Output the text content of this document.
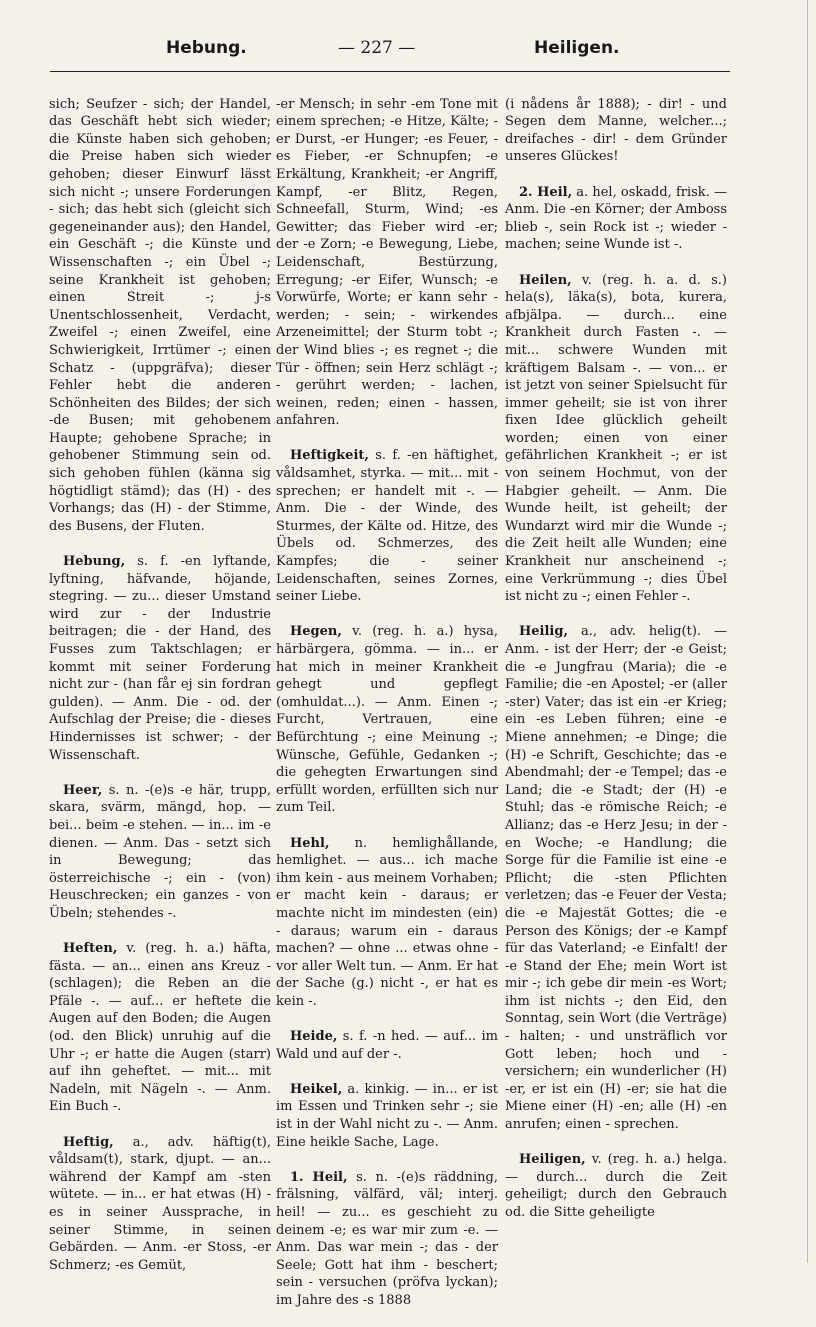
Hebung.	— 227 —	Heiligen.

sich; Seufzer - sich; der Handel, das Geschäft hebt sich wieder; die Künste haben sich gehoben; die Preise haben sich wieder gehoben; dieser Einwurf lässt sich nicht -; unsere Forderungen - sich; das hebt sich (gleicht sich gegeneinander aus); den Handel, ein Geschäft -; die Künste und Wissenschaften -; ein Übel -; seine Krankheit ist gehoben; einen Streit -; j-s Unentschlossenheit, Verdacht, Zweifel -; einen Zweifel, eine Schwierigkeit, Irrtümer -; einen Schatz - (uppgräfva); dieser Fehler hebt die anderen Schönheiten des Bildes; der sich -de Busen; mit gehobenem Haupte; gehobene Sprache; in gehobener Stimmung sein od. sich gehoben fühlen (känna sig högtidligt stämd); das (H) - des Vorhangs; das (H) - der Stimme, des Busens, der Fluten.

Hebung, s. f. -en lyftande, lyftning, häfvande, höjande, stegring. — zu... dieser Umstand wird zur - der Industrie beitragen; die - der Hand, des Fusses zum Taktschlagen; er kommt mit seiner Forderung nicht zur - (han får ej sin fordran gulden). — Anm. Die - od. der Aufschlag der Preise; die - dieses Hindernisses ist schwer; - der Wissenschaft.

Heer, s. n. -(e)s -e här, trupp, skara, svärm, mängd, hop. — bei... beim -e stehen. — in... im -e dienen. — Anm. Das - setzt sich in Bewegung; das österreichische -; ein - (von) Heuschrecken; ein ganzes - von Übeln; stehendes -.

Heften, v. (reg. h. a.) häfta, fästa. — an... einen ans Kreuz - (schlagen); die Reben an die Pfäle -. — auf... er heftete die Augen auf den Boden; die Augen (od. den Blick) unruhig auf die Uhr -; er hatte die Augen (starr) auf ihn geheftet. — mit... mit Nadeln, mit Nägeln -. — Anm. Ein Buch -.

Heftig, a., adv. häftig(t), våldsam(t), stark, djupt. — an... während der Kampf am -sten wütete. — in... er hat etwas (H) -es in seiner Aussprache, in seiner Stimme, in seinen Gebärden. — Anm. -er Stoss, -er Schmerz; -es Gemüt,

-er Mensch; in sehr -em Tone mit einem sprechen; -e Hitze, Kälte; -er Durst, -er Hunger; -es Feuer, -es Fieber, -er Schnupfen; -e Erkältung, Krankheit; -er Angriff, Kampf, -er Blitz, Regen, Schneefall, Sturm, Wind; -es Gewitter; das Fieber wird -er; der -e Zorn; -e Bewegung, Liebe, Leidenschaft, Bestürzung, Erregung; -er Eifer, Wunsch; -e Vorwürfe, Worte; er kann sehr - werden; - sein; - wirkendes Arzeneimittel; der Sturm tobt -; der Wind blies -; es regnet -; die Tür - öffnen; sein Herz schlägt -; - gerührt werden; - lachen, weinen, reden; einen - hassen, anfahren.

Heftigkeit, s. f. -en häftighet, våldsamhet, styrka. — mit... mit - sprechen; er handelt mit -. — Anm. Die - der Winde, des Sturmes, der Kälte od. Hitze, des Übels od. Schmerzes, des Kampfes; die - seiner Leidenschaften, seines Zornes, seiner Liebe.

Hegen, v. (reg. h. a.) hysa, härbärgera, gömma. — in... er hat mich in meiner Krankheit gehegt und gepflegt (omhuldat...). — Anm. Einen -; Furcht, Vertrauen, eine Befürchtung -; eine Meinung -; Wünsche, Gefühle, Gedanken -; die gehegten Erwartungen sind erfüllt worden, erfüllten sich nur zum Teil.

Hehl, n. hemlighållande, hemlighet. — aus... ich mache ihm kein - aus meinem Vorhaben; er macht kein - daraus; er machte nicht im mindesten (ein) - daraus; warum ein - daraus machen? — ohne ... etwas ohne - vor aller Welt tun. — Anm. Er hat der Sache (g.) nicht -, er hat es kein -.

Heide, s. f. -n hed. — auf... im Wald und auf der -.

Heikel, a. kinkig. — in... er ist im Essen und Trinken sehr -; sie ist in der Wahl nicht zu -. — Anm. Eine heikle Sache, Lage.

1. Heil, s. n. -(e)s räddning, frälsning, välfärd, väl; interj. heil! — zu... es geschieht zu deinem -e; es war mir zum -e. — Anm. Das war mein -; das - der Seele; Gott hat ihm - beschert; sein - versuchen (pröfva lyckan); im Jahre des -s 1888

(i nådens år 1888); - dir! - und Segen dem Manne, welcher...; dreifaches - dir! - dem Gründer unseres Glückes!

2. Heil, a. hel, oskadd, frisk. — Anm. Die -en Körner; der Amboss blieb -, sein Rock ist -; wieder - machen; seine Wunde ist -.

Heilen, v. (reg. h. a. d. s.) hela(s), läka(s), bota, kurera, afbjälpa. — durch... eine Krankheit durch Fasten -. — mit... schwere Wunden mit kräftigem Balsam -. — von... er ist jetzt von seiner Spielsucht für immer geheilt; sie ist von ihrer fixen Idee glücklich geheilt worden; einen von einer gefährlichen Krankheit -; er ist von seinem Hochmut, von der Habgier geheilt. — Anm. Die Wunde heilt, ist geheilt; der Wundarzt wird mir die Wunde -; die Zeit heilt alle Wunden; eine Krankheit nur anscheinend -; eine Verkrümmung -; dies Übel ist nicht zu -; einen Fehler -.

Heilig, a., adv. helig(t). — Anm. - ist der Herr; der -e Geist; die -e Jungfrau (Maria); die -e Familie; die -en Apostel; -er (aller -ster) Vater; das ist ein -er Krieg; ein -es Leben führen; eine -e Miene annehmen; -e Dinge; die (H) -e Schrift, Geschichte; das -e Abendmahl; der -e Tempel; das -e Land; die -e Stadt; der (H) -e Stuhl; das -e römische Reich; -e Allianz; das -e Herz Jesu; in der -en Woche; -e Handlung; die Sorge für die Familie ist eine -e Pflicht; die -sten Pflichten verletzen; das -e Feuer der Vesta; die -e Majestät Gottes; die -e Person des Königs; der -e Kampf für das Vaterland; -e Einfalt! der -e Stand der Ehe; mein Wort ist mir -; ich gebe dir mein -es Wort; ihm ist nichts -; den Eid, den Sonntag, sein Wort (die Verträge) - halten; - und unsträflich vor Gott leben; hoch und - versichern; ein wunderlicher (H) -er, er ist ein (H) -er; sie hat die Miene einer (H) -en; alle (H) -en anrufen; einen - sprechen.

Heiligen, v. (reg. h. a.) helga. — durch... durch die Zeit geheiligt; durch den Gebrauch od. die Sitte geheiligte
